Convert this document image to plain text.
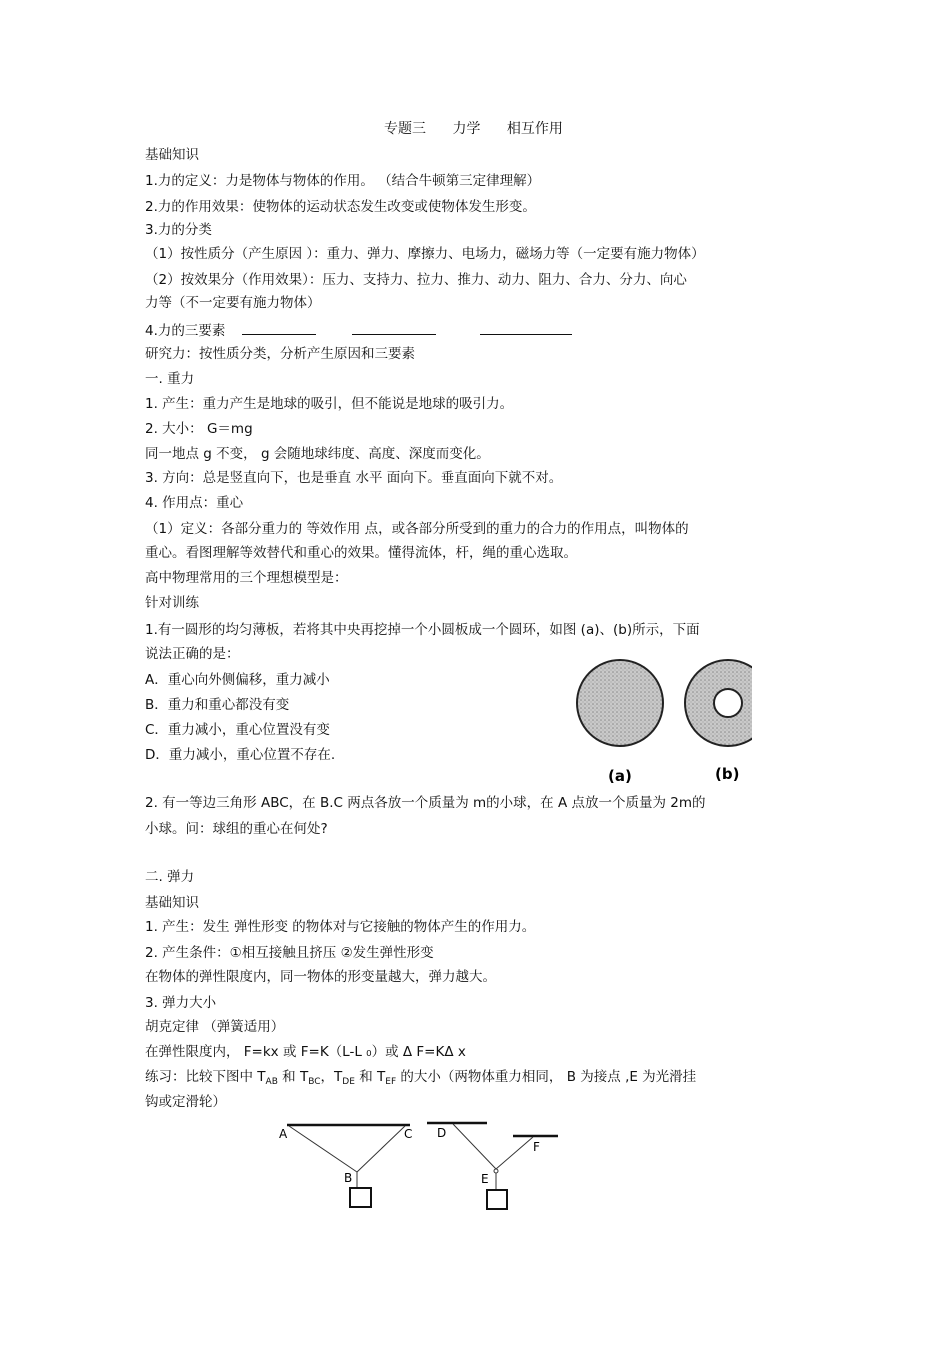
专题三 力学 相互作用
基础知识
1.力的定义：力是物体与物体的作用。 （结合牛顿第三定律理解）
2.力的作用效果：使物体的运动状态发生改变或使物体发生形变。
3.力的分类
（1）按性质分（产生原因 ）：重力、弹力、摩擦力、电场力，磁场力等（一定要有施力物体）
（2）按效果分（作用效果）：压力、支持力、拉力、推力、动力、阻力、合力、分力、向心
力等（不一定要有施力物体）
4.力的三要素
研究力：按性质分类，分析产生原因和三要素
一. 重力
1. 产生：重力产生是地球的吸引，但不能说是地球的吸引力。
2. 大小： G＝mg
同一地点 g 不变， g 会随地球纬度、高度、深度而变化。
3. 方向：总是竖直向下，也是垂直 水平 面向下。垂直面向下就不对。
4. 作用点：重心
（1）定义：各部分重力的 等效作用 点，或各部分所受到的重力的合力的作用点，叫物体的
重心。看图理解等效替代和重心的效果。懂得流体，杆，绳的重心选取。
高中物理常用的三个理想模型是：
针对训练
1.有一圆形的均匀薄板，若将其中央再挖掉一个小圆板成一个圆环，如图 (a)、(b)所示，下面
说法正确的是：
A．重心向外侧偏移，重力减小
B．重力和重心都没有变
C．重力减小，重心位置没有变
D．重力减小，重心位置不存在.
(a)	(b)
2. 有一等边三角形 ABC，在 B.C 两点各放一个质量为 m的小球，在 A 点放一个质量为 2m的
小球。问：球组的重心在何处?
二. 弹力
基础知识
1. 产生：发生 弹性形变 的物体对与它接触的物体产生的作用力。
2. 产生条件：①相互接触且挤压 ②发生弹性形变
在物体的弹性限度内，同一物体的形变量越大，弹力越大。
3. 弹力大小
胡克定律 （弹簧适用）
在弹性限度内， F=kx 或 F=K（L-L ₀）或 Δ F=KΔ x
练习：比较下图中 $T_{AB}$ 和 $T_{BC}$，$T_{DE}$ 和 $T_{EF}$ 的大小（两物体重力相同， B 为接点 ,E 为光滑挂
钩或定滑轮）
A
B
C D
E
F
